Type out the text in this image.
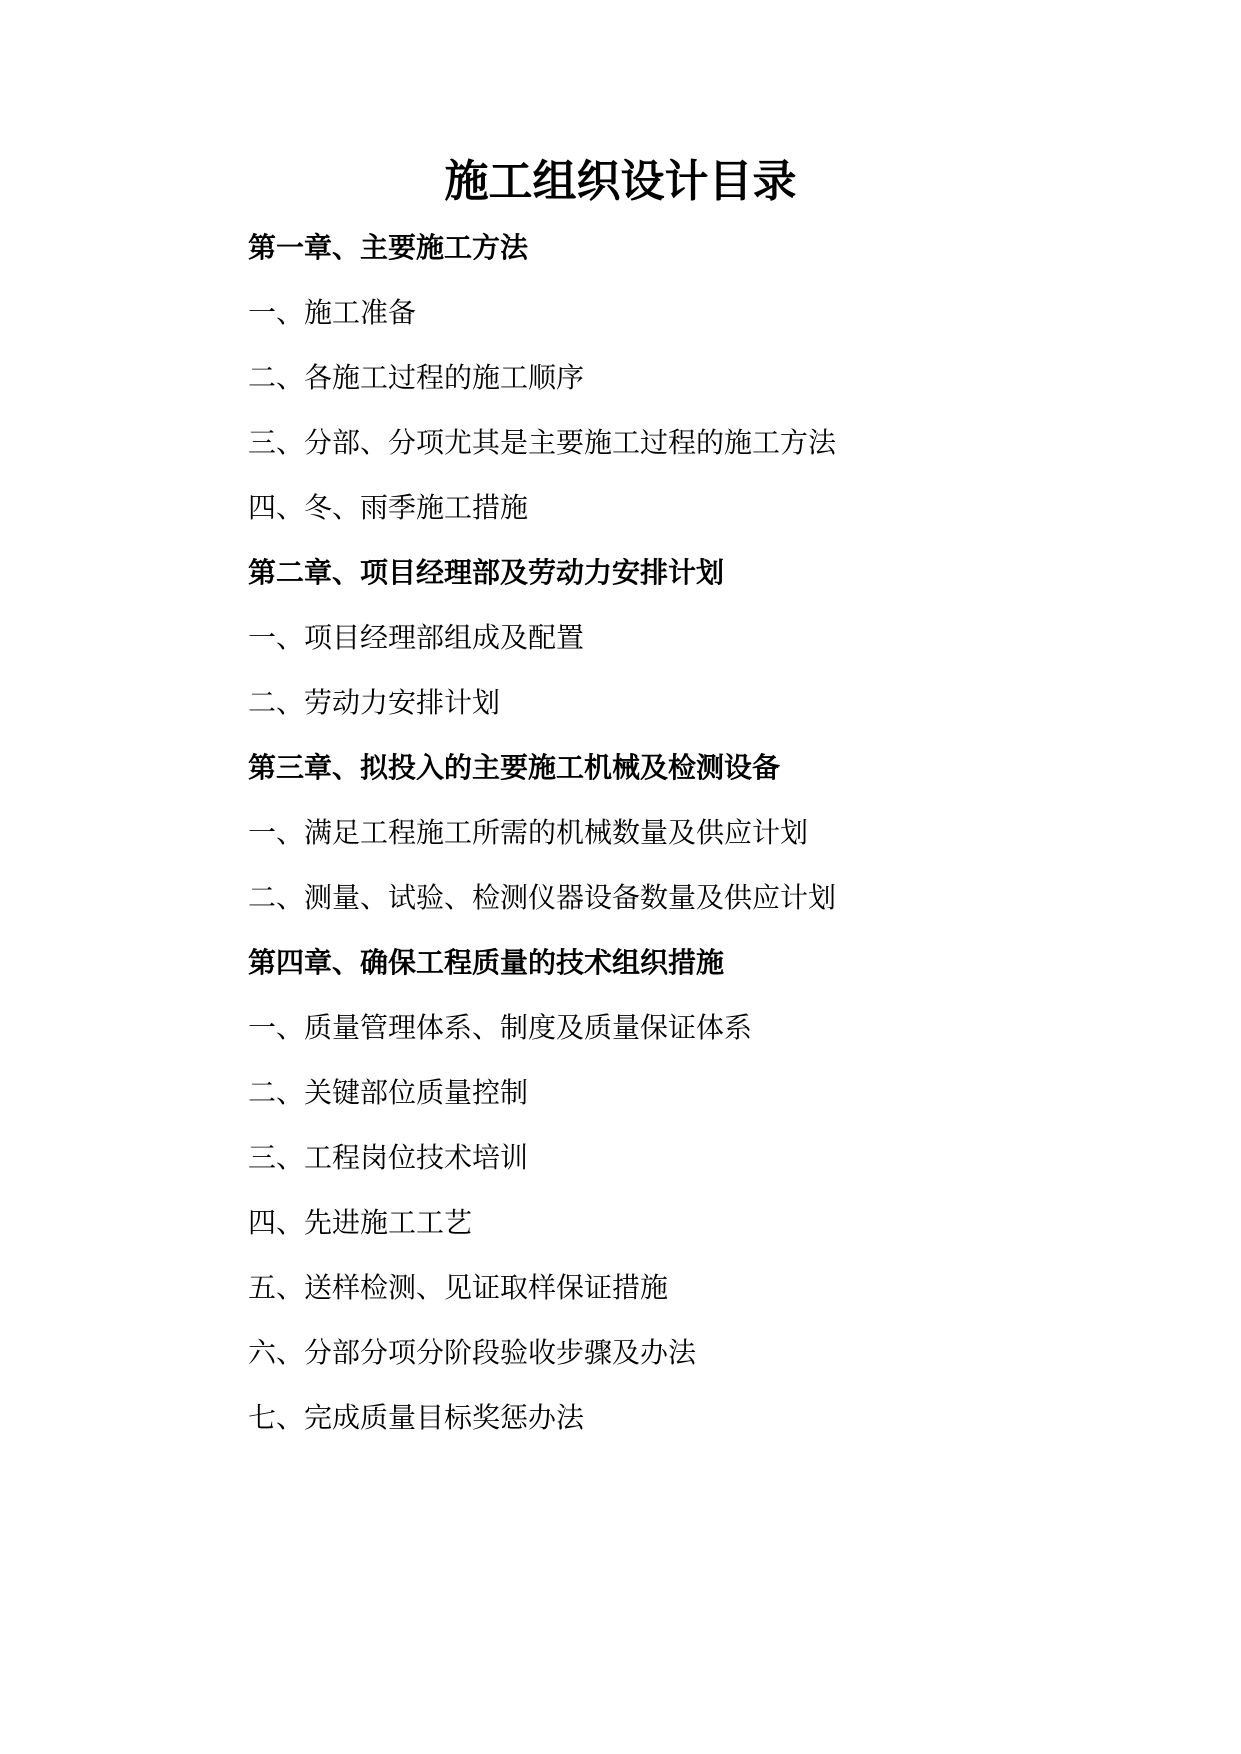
施工组织设计目录
第一章、主要施工方法
一、施工准备
二、各施工过程的施工顺序
三、分部、分项尤其是主要施工过程的施工方法
四、冬、雨季施工措施
第二章、项目经理部及劳动力安排计划
一、项目经理部组成及配置
二、劳动力安排计划
第三章、拟投入的主要施工机械及检测设备
一、满足工程施工所需的机械数量及供应计划
二、测量、试验、检测仪器设备数量及供应计划
第四章、确保工程质量的技术组织措施
一、质量管理体系、制度及质量保证体系
二、关键部位质量控制
三、工程岗位技术培训
四、先进施工工艺
五、送样检测、见证取样保证措施
六、分部分项分阶段验收步骤及办法
七、完成质量目标奖惩办法
